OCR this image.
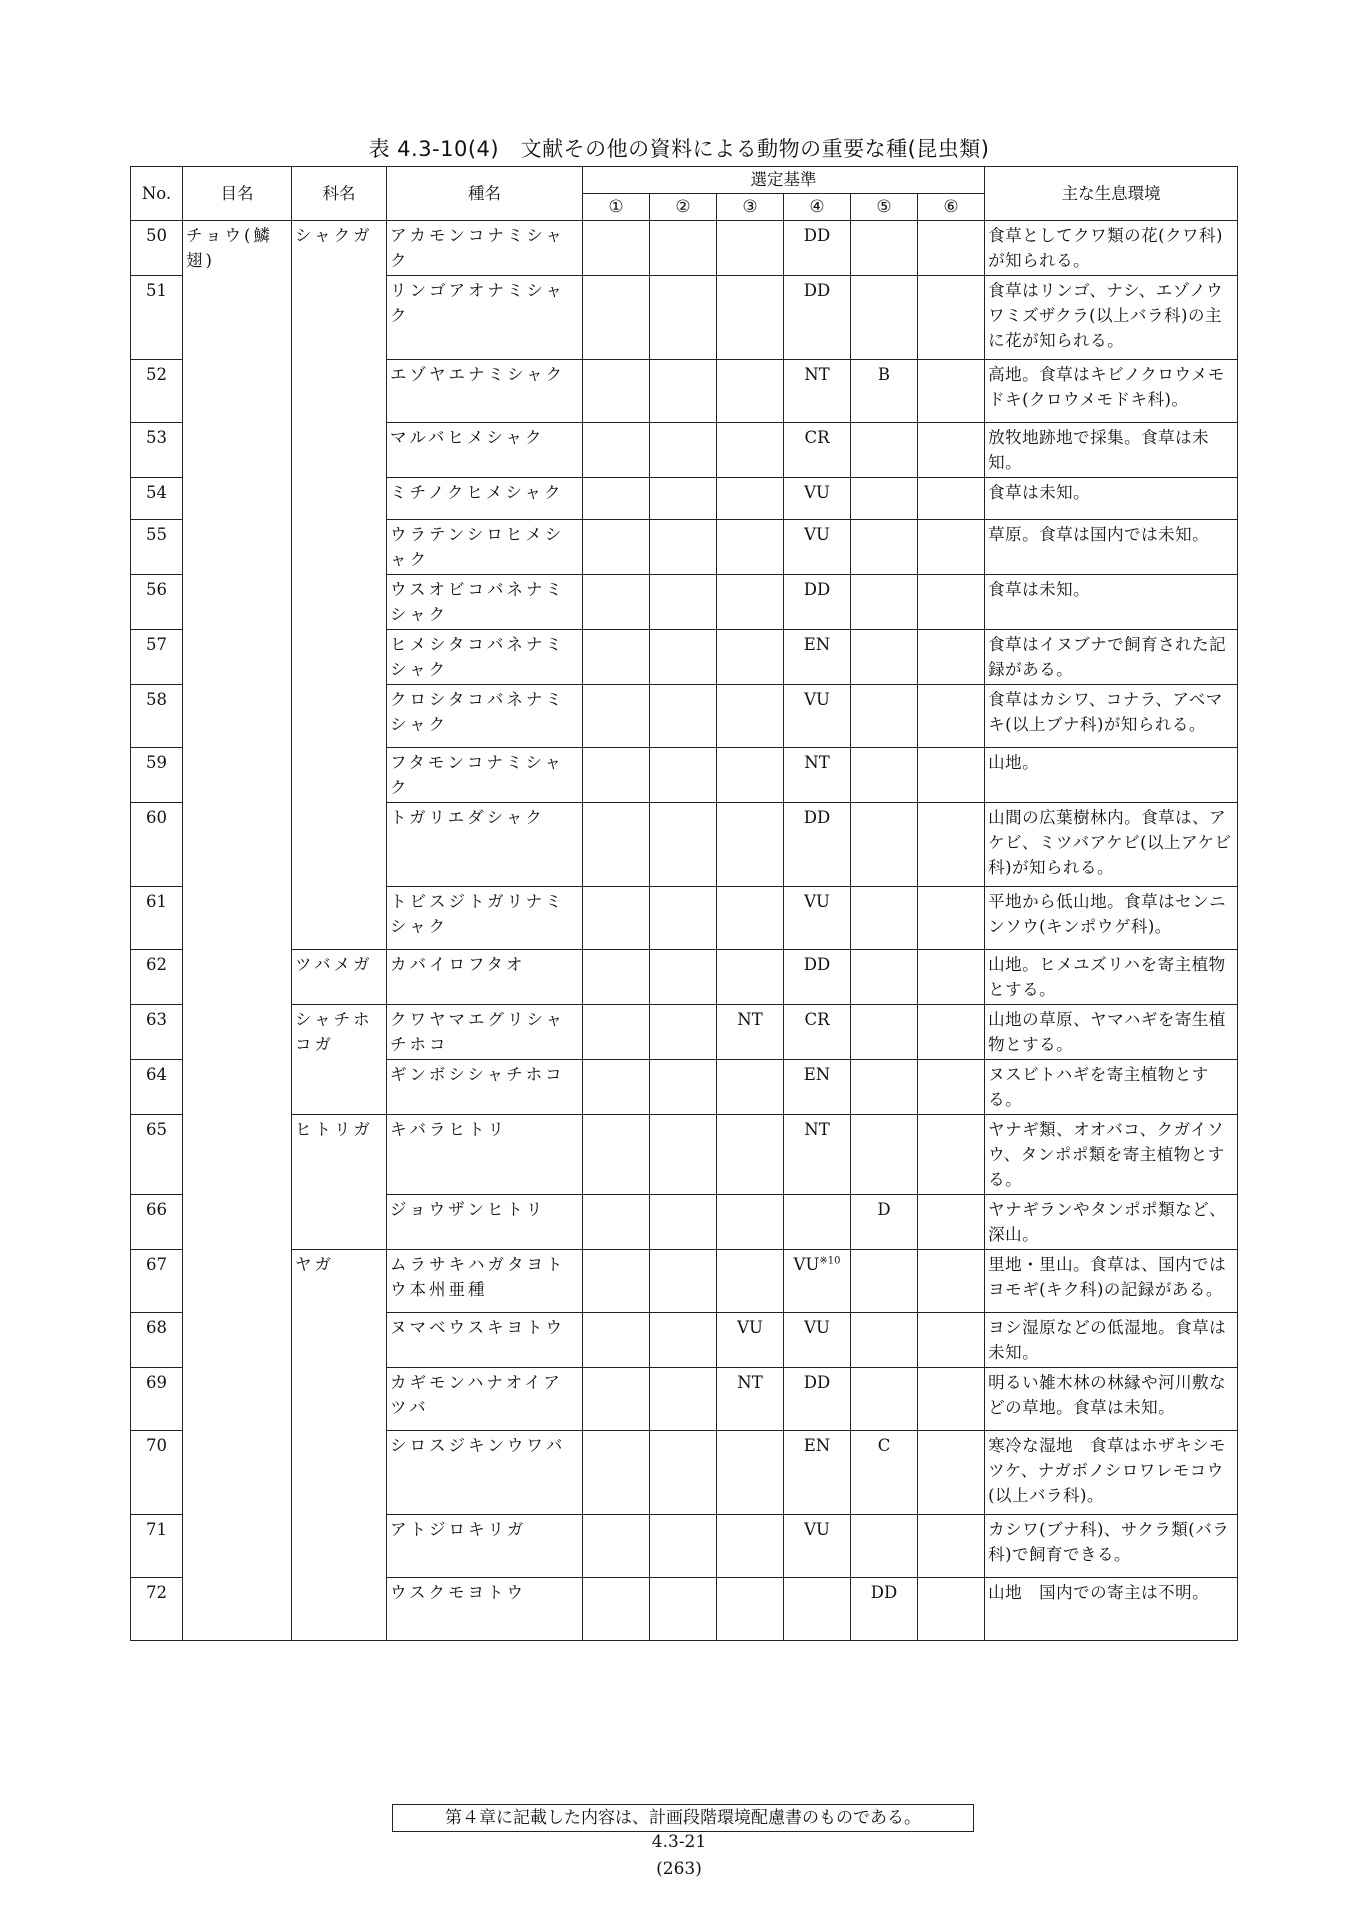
表 4.3-10(4)　文献その他の資料による動物の重要な種(昆虫類)
No.	目名	科名	種名	選定基準						主な生息環境
				①	②	③	④	⑤	⑥	
50	チョウ(鱗翅)	シャクガ	アカモンコナミシャク				DD			食草としてクワ類の花(クワ科)が知られる。
51			リンゴアオナミシャク				DD			食草はリンゴ、ナシ、エゾノウワミズザクラ(以上バラ科)の主に花が知られる。
52			エゾヤエナミシャク				NT	B		高地。食草はキビノクロウメモドキ(クロウメモドキ科)。
53			マルバヒメシャク				CR			放牧地跡地で採集。食草は未知。
54			ミチノクヒメシャク				VU			食草は未知。
55			ウラテンシロヒメシャク				VU			草原。食草は国内では未知。
56			ウスオビコバネナミシャク				DD			食草は未知。
57			ヒメシタコバネナミシャク				EN			食草はイヌブナで飼育された記録がある。
58			クロシタコバネナミシャク				VU			食草はカシワ、コナラ、アベマキ(以上ブナ科)が知られる。
59			フタモンコナミシャク				NT			山地。
60			トガリエダシャク				DD			山間の広葉樹林内。食草は、アケビ、ミツバアケビ(以上アケビ科)が知られる。
61			トビスジトガリナミシャク				VU			平地から低山地。食草はセンニンソウ(キンポウゲ科)。
62		ツバメガ	カバイロフタオ				DD			山地。ヒメユズリハを寄主植物とする。
63		シャチホコガ	クワヤマエグリシャチホコ			NT	CR			山地の草原、ヤマハギを寄生植物とする。
64			ギンボシシャチホコ				EN			ヌスビトハギを寄主植物とする。
65		ヒトリガ	キバラヒトリ				NT			ヤナギ類、オオバコ、クガイソウ、タンポポ類を寄主植物とする。
66			ジョウザンヒトリ					D		ヤナギランやタンポポ類など、深山。
67		ヤガ	ムラサキハガタヨトウ本州亜種				VU$^{※10}$			里地・里山。食草は、国内ではヨモギ(キク科)の記録がある。
68			ヌマベウスキヨトウ			VU	VU			ヨシ湿原などの低湿地。食草は未知。
69			カギモンハナオイアツバ			NT	DD			明るい雑木林の林縁や河川敷などの草地。食草は未知。
70			シロスジキンウワバ				EN	C		寒冷な湿地　食草はホザキシモツケ、ナガボノシロワレモコウ(以上バラ科)。
71			アトジロキリガ				VU			カシワ(ブナ科)、サクラ類(バラ科)で飼育できる。
72			ウスクモヨトウ					DD		山地　国内での寄主は不明。
第４章に記載した内容は、計画段階環境配慮書のものである。
4.3-21
(263)
